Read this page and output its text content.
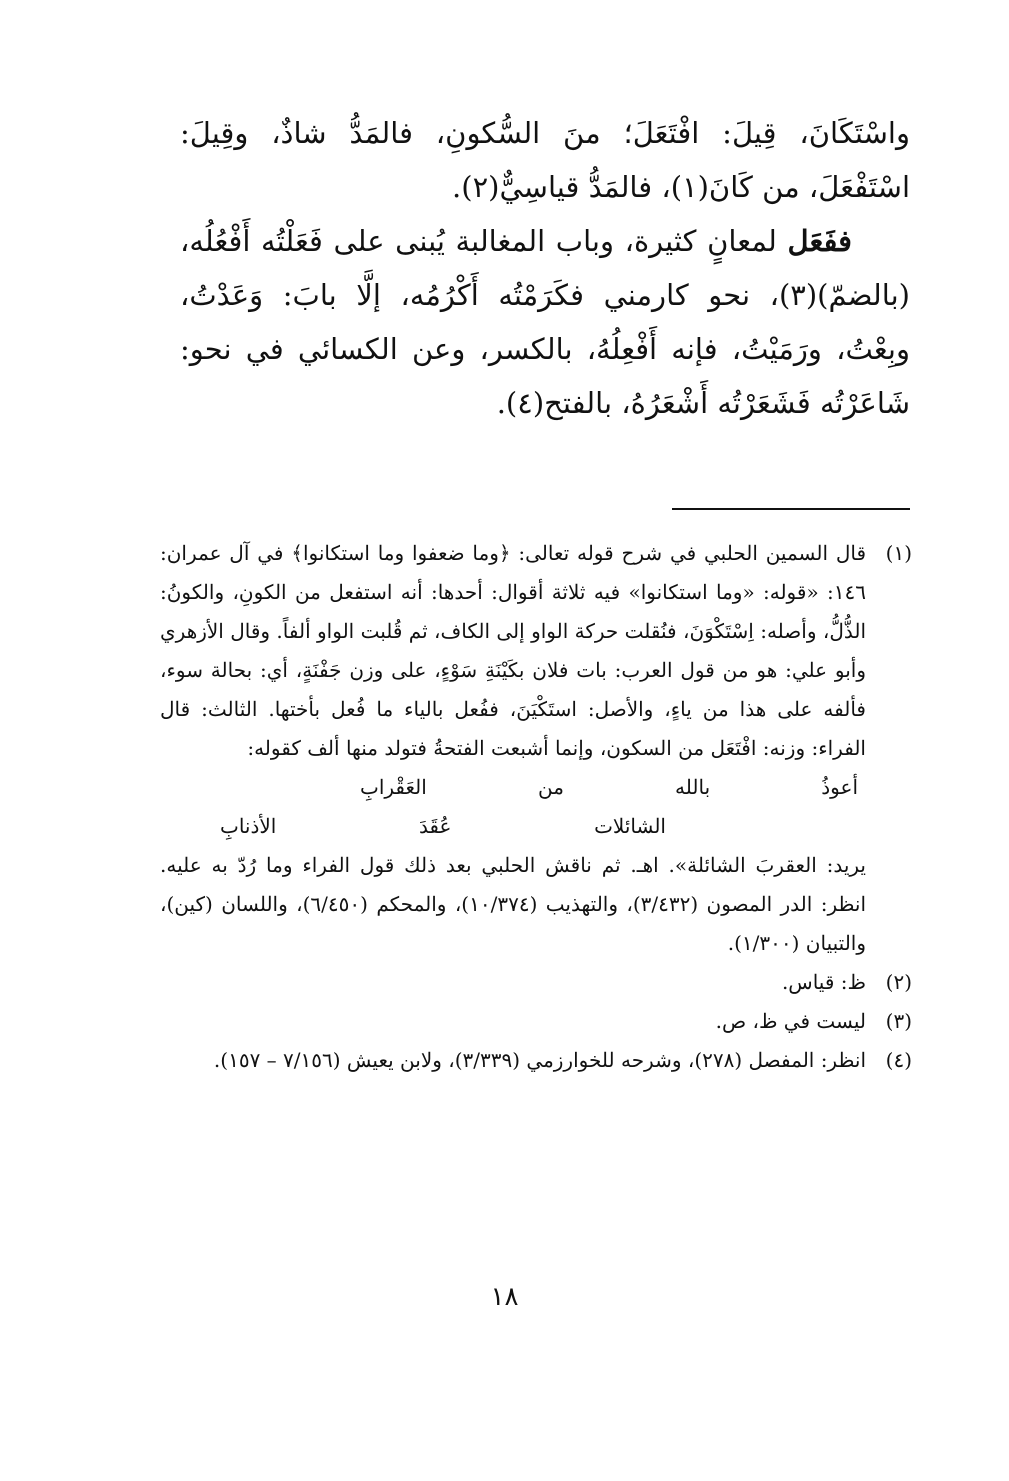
واسْتَكَانَ، قِيلَ: افْتَعَلَ؛ منَ السُّكونِ، فالمَدُّ شاذٌ، وقِيلَ: اسْتَفْعَلَ، من كَانَ(١)، فالمَدُّ قياسِيٌّ(٢).

ففَعَل لمعانٍ كثيرة، وباب المغالبة يُبنى على فَعَلْتُه أَفْعُلُه، (بالضمّ)(٣)، نحو كارمني فكَرَمْتُه أَكْرُمُه، إلَّا بابَ: وَعَدْتُ، وبِعْتُ، ورَمَيْتُ، فإنه أَفْعِلُهُ، بالكسر، وعن الكسائي في نحو: شَاعَرْتُه فَشَعَرْتُه أَشْعَرُهُ، بالفتح(٤).

(١)

قال السمين الحلبي في شرح قوله تعالى: ﴿وما ضعفوا وما استكانوا﴾ في آل عمران: ١٤٦: «قوله: «وما استكانوا» فيه ثلاثة أقوال: أحدها: أنه استفعل من الكونِ، والكونُ: الذُّلُّ، وأصله: اِسْتَكْوَنَ، فنُقلت حركة الواو إلى الكاف، ثم قُلبت الواو ألفاً. وقال الأزهري وأبو علي: هو من قول العرب: بات فلان بكَيْنَةِ سَوْءٍ، على وزن جَفْنَةٍ، أي: بحالة سوء، فألفه على هذا من ياءٍ، والأصل: استَكْيَنَ، ففُعل بالياء ما فُعل بأختها. الثالث: قال الفراء: وزنه: افْتَعَل من السكون، وإنما أشبعت الفتحةُ فتولد منها ألف كقوله:

أعوذُ
بالله
من
العَقْرابِ
الشائلات
عُقَدَ
الأذنابِ

يريد: العقربَ الشائلة». اهـ. ثم ناقش الحلبي بعد ذلك قول الفراء وما رُدّ به عليه. انظر: الدر المصون (٣/٤٣٢)، والتهذيب (١٠/٣٧٤)، والمحكم (٦/٤٥٠)، واللسان (كين)، والتبيان (١/٣٠٠).

(٢)

ظ: قياس.

(٣)

ليست في ظ، ص.

(٤)

انظر: المفصل (٢٧٨)، وشرحه للخوارزمي (٣/٣٣٩)، ولابن يعيش (٧/١٥٦ – ١٥٧).

١٨
